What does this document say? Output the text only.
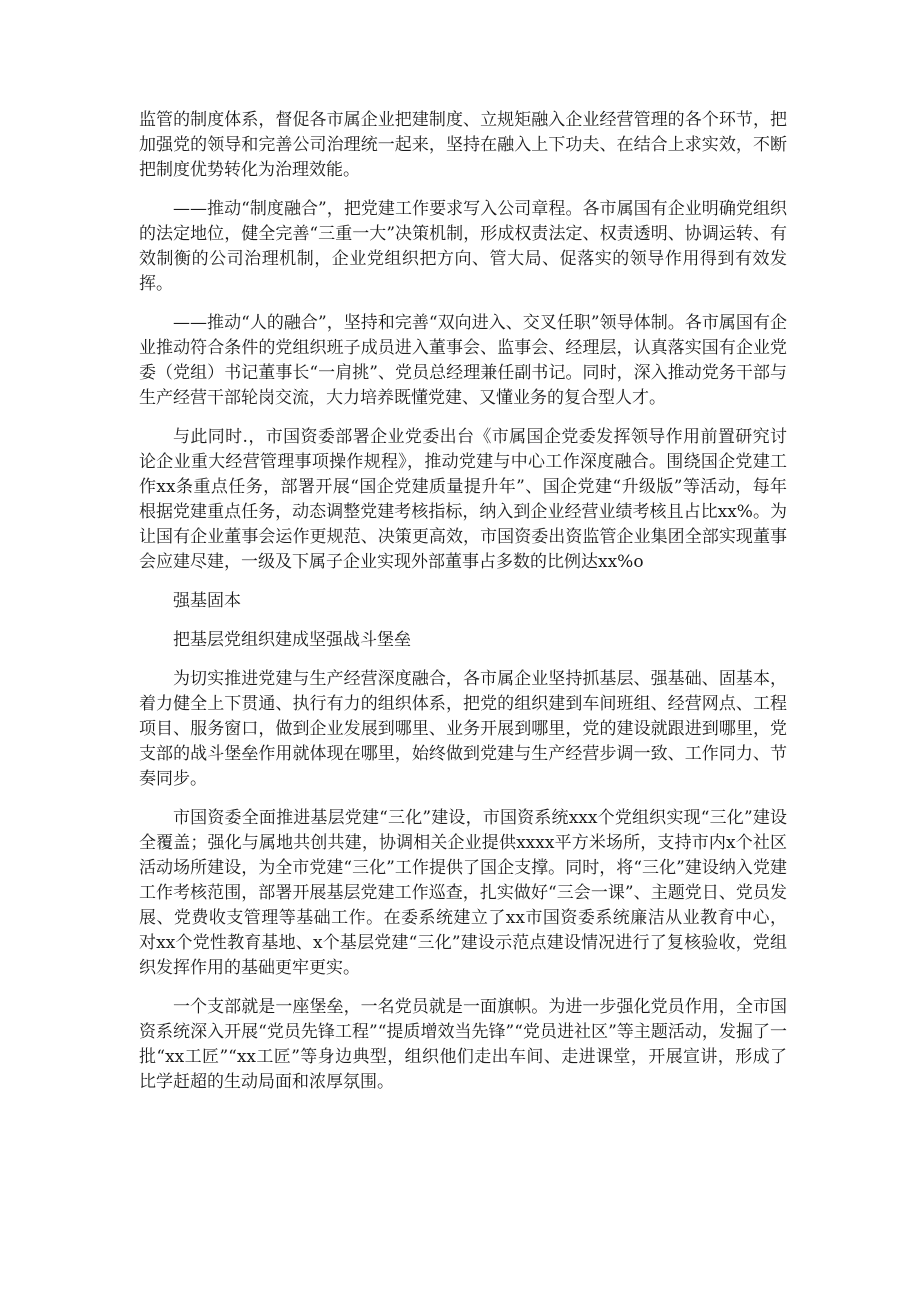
监管的制度体系，督促各市属企业把建制度、立规矩融入企业经营管理的各个环节，把加强党的领导和完善公司治理统一起来，坚持在融入上下功夫、在结合上求实效，不断把制度优势转化为治理效能。

——推动“制度融合”，把党建工作要求写入公司章程。各市属国有企业明确党组织的法定地位，健全完善“三重一大”决策机制，形成权责法定、权责透明、协调运转、有效制衡的公司治理机制，企业党组织把方向、管大局、促落实的领导作用得到有效发挥。

——推动“人的融合”，坚持和完善“双向进入、交叉任职”领导体制。各市属国有企业推动符合条件的党组织班子成员进入董事会、监事会、经理层，认真落实国有企业党委（党组）书记董事长“一肩挑”、党员总经理兼任副书记。同时，深入推动党务干部与生产经营干部轮岗交流，大力培养既懂党建、又懂业务的复合型人才。

与此同时.，市国资委部署企业党委出台《市属国企党委发挥领导作用前置研究讨论企业重大经营管理事项操作规程》，推动党建与中心工作深度融合。围绕国企党建工作xx条重点任务，部署开展“国企党建质量提升年”、国企党建“升级版”等活动，每年根据党建重点任务，动态调整党建考核指标，纳入到企业经营业绩考核且占比xx%。为让国有企业董事会运作更规范、决策更高效，市国资委出资监管企业集团全部实现董事会应建尽建，一级及下属子企业实现外部董事占多数的比例达xx%o

强基固本

把基层党组织建成坚强战斗堡垒

为切实推进党建与生产经营深度融合，各市属企业坚持抓基层、强基础、固基本，着力健全上下贯通、执行有力的组织体系，把党的组织建到车间班组、经营网点、工程项目、服务窗口，做到企业发展到哪里、业务开展到哪里，党的建设就跟进到哪里，党支部的战斗堡垒作用就体现在哪里，始终做到党建与生产经营步调一致、工作同力、节奏同步。

市国资委全面推进基层党建“三化”建设，市国资系统xxx个党组织实现“三化”建设全覆盖；强化与属地共创共建，协调相关企业提供xxxx平方米场所，支持市内x个社区活动场所建设，为全市党建“三化”工作提供了国企支撑。同时，将“三化”建设纳入党建工作考核范围，部署开展基层党建工作巡查，扎实做好“三会一课”、主题党日、党员发展、党费收支管理等基础工作。在委系统建立了xx市国资委系统廉洁从业教育中心，对xx个党性教育基地、x个基层党建“三化”建设示范点建设情况进行了复核验收，党组织发挥作用的基础更牢更实。

一个支部就是一座堡垒，一名党员就是一面旗帜。为进一步强化党员作用，全市国资系统深入开展“党员先锋工程”“提质增效当先锋”“党员进社区”等主题活动，发掘了一批“xx工匠”“xx工匠”等身边典型，组织他们走出车间、走进课堂，开展宣讲，形成了比学赶超的生动局面和浓厚氛围。
